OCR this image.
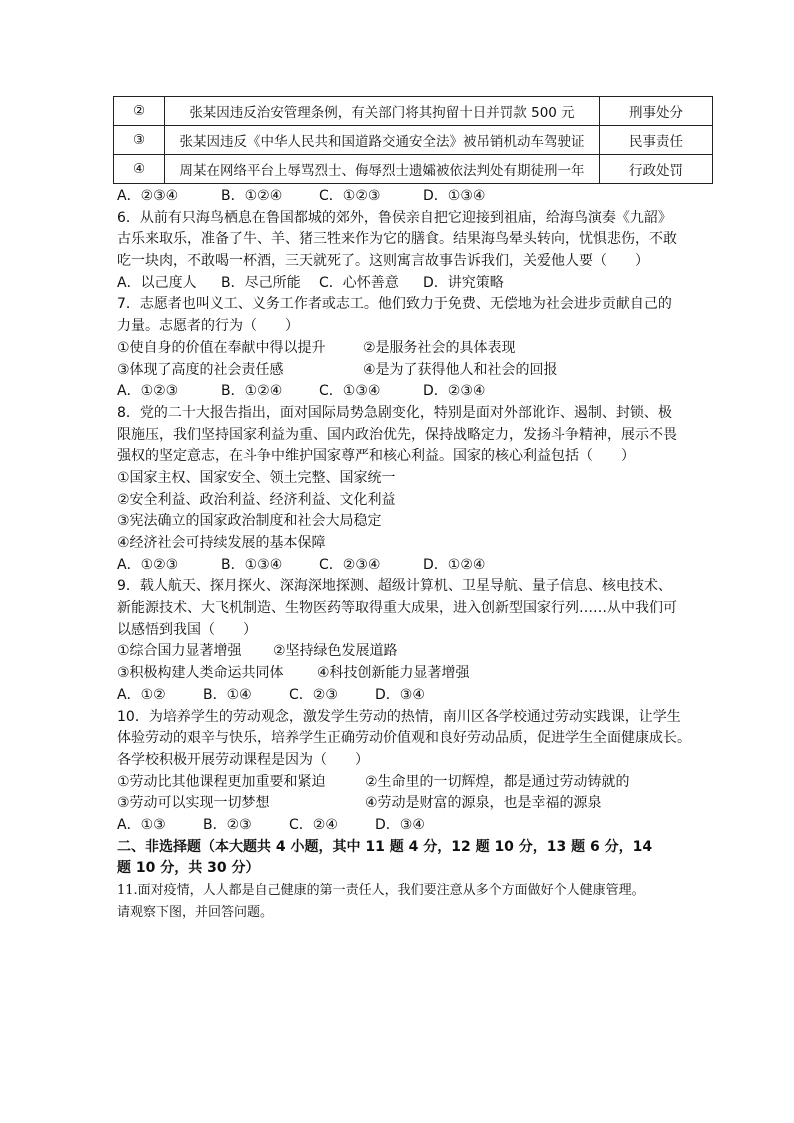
②	张某因违反治安管理条例，有关部门将其拘留十日并罚款 500 元	刑事处分
③	张某因违反《中华人民共和国道路交通安全法》被吊销机动车驾驶证	民事责任
④	周某在网络平台上辱骂烈士、侮辱烈士遗孀被依法判处有期徒刑一年	行政处罚
A．②③④	B．①②④	C．①②③	D．①③④
6．从前有只海鸟栖息在鲁国都城的郊外，鲁侯亲自把它迎接到祖庙，给海鸟演奏《九韶》
古乐来取乐，准备了牛、羊、猪三牲来作为它的膳食。结果海鸟晕头转向，忧惧悲伤，不敢
吃一块肉，不敢喝一杯酒，三天就死了。这则寓言故事告诉我们，关爱他人要（　　）
A．以己度人 B．尽己所能 C．心怀善意 D．讲究策略
7．志愿者也叫义工、义务工作者或志工。他们致力于免费、无偿地为社会进步贡献自己的
力量。志愿者的行为（　　）
①使自身的价值在奉献中得以提升	②是服务社会的具体表现
③体现了高度的社会责任感	④是为了获得他人和社会的回报
A．①②③	B．①②④	C．①③④	D．②③④
8．党的二十大报告指出，面对国际局势急剧变化，特别是面对外部讹诈、遏制、封锁、极
限施压，我们坚持国家利益为重、国内政治优先，保持战略定力，发扬斗争精神，展示不畏
强权的坚定意志，在斗争中维护国家尊严和核心利益。国家的核心利益包括（　　）
①国家主权、国家安全、领土完整、国家统一
②安全利益、政治利益、经济利益、文化利益
③宪法确立的国家政治制度和社会大局稳定
④经济社会可持续发展的基本保障
A．①②③	B．①③④	C．②③④	D．①②④
9．载人航天、探月探火、深海深地探测、超级计算机、卫星导航、量子信息、核电技术、
新能源技术、大飞机制造、生物医药等取得重大成果，进入创新型国家行列……从中我们可
以感悟到我国（　　）
①综合国力显著增强 ②坚持绿色发展道路
③积极构建人类命运共同体 ④科技创新能力显著增强
A．①②	B．①④	C．②③	D．③④
10．为培养学生的劳动观念，激发学生劳动的热情，南川区各学校通过劳动实践课，让学生
体验劳动的艰辛与快乐，培养学生正确劳动价值观和良好劳动品质，促进学生全面健康成长。
各学校积极开展劳动课程是因为（　　）
①劳动比其他课程更加重要和紧迫	②生命里的一切辉煌，都是通过劳动铸就的
③劳动可以实现一切梦想	④劳动是财富的源泉，也是幸福的源泉
A．①③	B．②③	C．②④	D．③④
二、非选择题（本大题共 4 小题，其中 11 题 4 分，12 题 10 分，13 题 6 分，14
题 10 分，共 30 分）
11.面对疫情，人人都是自己健康的第一责任人，我们要注意从多个方面做好个人健康管理。
请观察下图，并回答问题。
